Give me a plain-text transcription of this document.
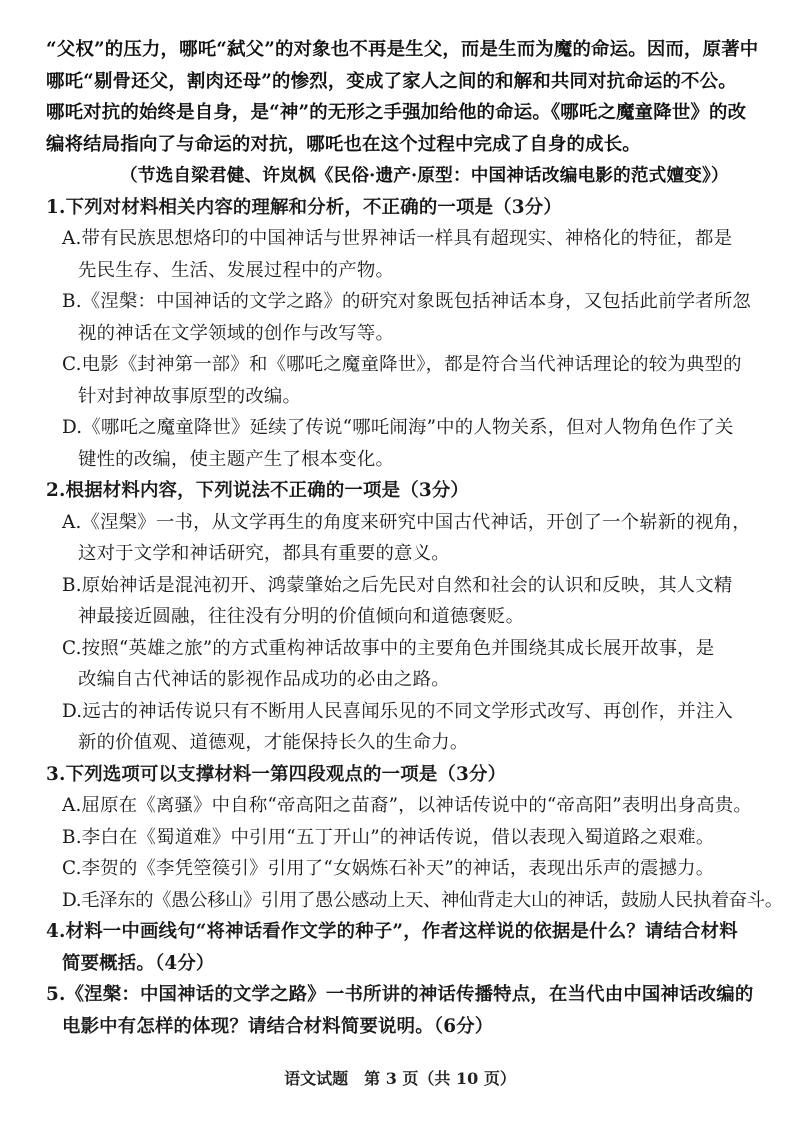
“父权”的压力，哪吒“弑父”的对象也不再是生父，而是生而为魔的命运。因而，原著中
哪吒“剔骨还父，割肉还母”的惨烈，变成了家人之间的和解和共同对抗命运的不公。
哪吒对抗的始终是自身，是“神”的无形之手强加给他的命运。《哪吒之魔童降世》的改
编将结局指向了与命运的对抗，哪吒也在这个过程中完成了自身的成长。
（节选自梁君健、许岚枫《民俗·遗产·原型：中国神话改编电影的范式嬗变》）
1.下列对材料相关内容的理解和分析，不正确的一项是（3分）
A.带有民族思想烙印的中国神话与世界神话一样具有超现实、神格化的特征，都是
先民生存、生活、发展过程中的产物。
B.《涅槃：中国神话的文学之路》的研究对象既包括神话本身，又包括此前学者所忽
视的神话在文学领域的创作与改写等。
C.电影《封神第一部》和《哪吒之魔童降世》，都是符合当代神话理论的较为典型的
针对封神故事原型的改编。
D.《哪吒之魔童降世》延续了传说“哪吒闹海”中的人物关系，但对人物角色作了关
键性的改编，使主题产生了根本变化。
2.根据材料内容，下列说法不正确的一项是（3分）
A.《涅槃》一书，从文学再生的角度来研究中国古代神话，开创了一个崭新的视角，
这对于文学和神话研究，都具有重要的意义。
B.原始神话是混沌初开、鸿蒙肇始之后先民对自然和社会的认识和反映，其人文精
神最接近圆融，往往没有分明的价值倾向和道德褒贬。
C.按照“英雄之旅”的方式重构神话故事中的主要角色并围绕其成长展开故事，是
改编自古代神话的影视作品成功的必由之路。
D.远古的神话传说只有不断用人民喜闻乐见的不同文学形式改写、再创作，并注入
新的价值观、道德观，才能保持长久的生命力。
3.下列选项可以支撑材料一第四段观点的一项是（3分）
A.屈原在《离骚》中自称“帝高阳之苗裔”，以神话传说中的“帝高阳”表明出身高贵。
B.李白在《蜀道难》中引用“五丁开山”的神话传说，借以表现入蜀道路之艰难。
C.李贺的《李凭箜篌引》引用了“女娲炼石补天”的神话，表现出乐声的震撼力。
D.毛泽东的《愚公移山》引用了愚公感动上天、神仙背走大山的神话，鼓励人民执着奋斗。
4.材料一中画线句“将神话看作文学的种子”，作者这样说的依据是什么？请结合材料
简要概括。（4分）
5.《涅槃：中国神话的文学之路》一书所讲的神话传播特点，在当代由中国神话改编的
电影中有怎样的体现？请结合材料简要说明。（6分）
语文试题　第 3 页（共 10 页）
